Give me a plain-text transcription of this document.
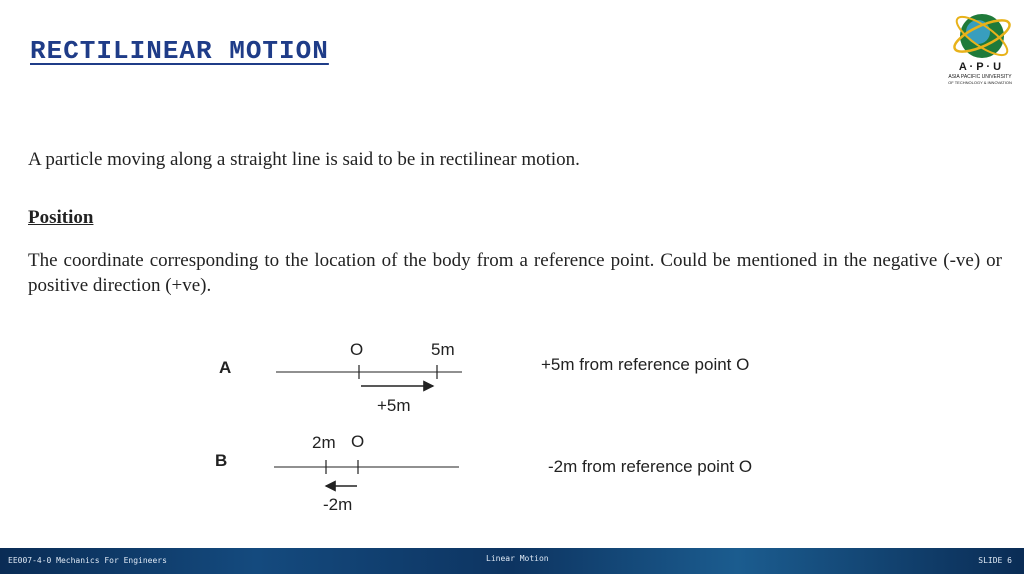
RECTILINEAR MOTION
A · P · U
ASIA PACIFIC UNIVERSITY
OF TECHNOLOGY & INNOVATION

A particle moving along a straight line is said to be in rectilinear motion.

Position

The coordinate corresponding to the location of the body from a reference point. Could be mentioned in the negative (-ve) or positive direction (+ve).

A
O	5m
+5m
+5m from reference point O
B
2m O
-2m
-2m from reference point O
EE007-4-0 Mechanics For Engineers	Linear Motion	SLIDE 6
